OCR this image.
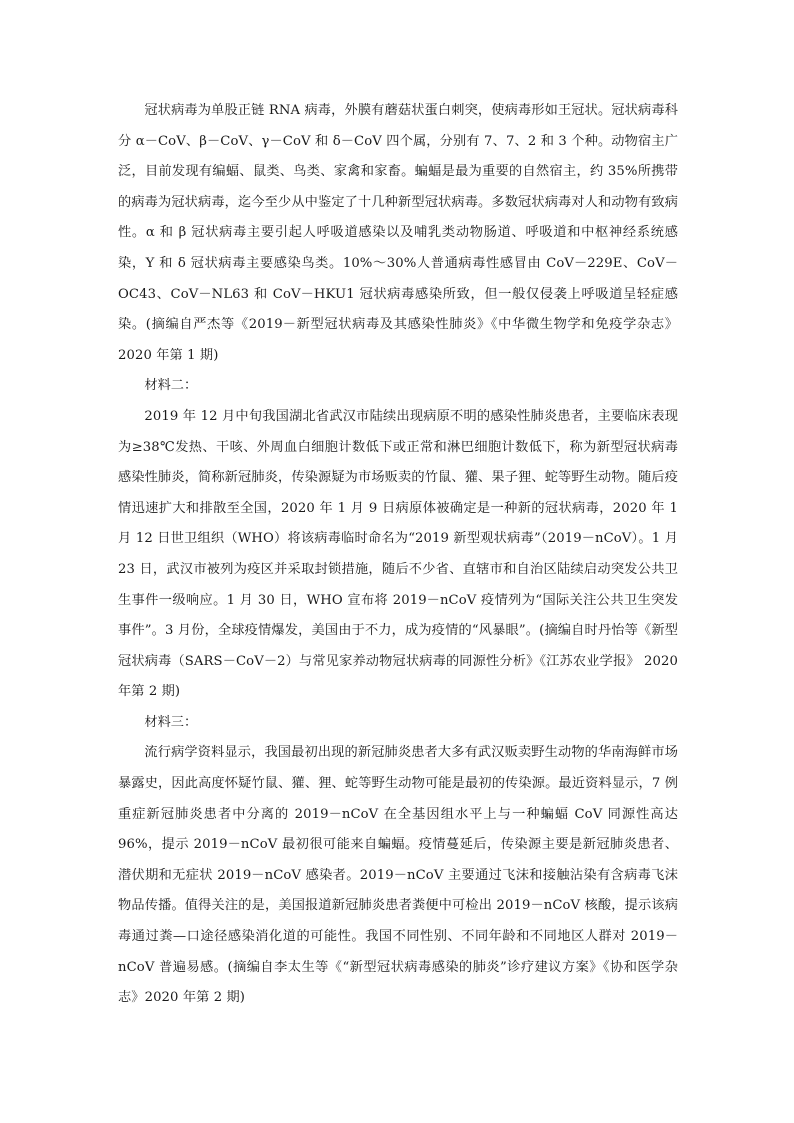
冠状病毒为单股正链 RNA 病毒，外膜有蘑菇状蛋白刺突，使病毒形如王冠状。冠状病毒科分 α－CoV、β－CoV、γ－CoV 和 δ－CoV 四个属，分别有 7、7、2 和 3 个种。动物宿主广泛，目前发现有编蝠、鼠类、鸟类、家禽和家畜。蝙蝠是最为重要的自然宿主，约 35%所携带的病毒为冠状病毒，迄今至少从中鉴定了十几种新型冠状病毒。多数冠状病毒对人和动物有致病性。α 和 β 冠状病毒主要引起人呼吸道感染以及哺乳类动物肠道、呼吸道和中枢神经系统感染，Y 和 δ 冠状病毒主要感染鸟类。10%～30%人普通病毒性感冒由 CoV－229E、CoV－OC43、CoV－NL63 和 CoV－HKU1 冠状病毒感染所致，但一般仅侵袭上呼吸道呈轻症感染。(摘编自严杰等《2019－新型冠状病毒及其感染性肺炎》《中华微生物学和免疫学杂志》 2020 年第 1 期)

材料二：

2019 年 12 月中旬我国湖北省武汉市陆续出现病原不明的感染性肺炎患者，主要临床表现为≥38℃发热、干咳、外周血白细胞计数低下或正常和淋巴细胞计数低下，称为新型冠状病毒感染性肺炎，简称新冠肺炎，传染源疑为市场贩卖的竹鼠、獾、果子狸、蛇等野生动物。随后疫情迅速扩大和排散至全国，2020 年 1 月 9 日病原体被确定是一种新的冠状病毒，2020 年 1 月 12 日世卫组织（WHO）将该病毒临时命名为“2019 新型观状病毒”（2019－nCoV）。1 月 23 日，武汉市被列为疫区并采取封锁措施，随后不少省、直辖市和自治区陆续启动突发公共卫生事件一级响应。1 月 30 日，WHO 宣布将 2019－nCoV 疫情列为“国际关注公共卫生突发事件”。3 月份，全球疫情爆发，美国由于不力，成为疫情的“风暴眼”。(摘编自时丹怡等《新型冠状病毒（SARS－CoV－2）与常见家养动物冠状病毒的同源性分析》《江苏农业学报》 2020 年第 2 期)

材料三：

流行病学资料显示，我国最初出现的新冠肺炎患者大多有武汉贩卖野生动物的华南海鲜市场暴露史，因此高度怀疑竹鼠、獾、狸、蛇等野生动物可能是最初的传染源。最近资料显示，7 例重症新冠肺炎患者中分离的 2019－nCoV 在全基因组水平上与一种蝙蝠 CoV 同源性高达 96%，提示 2019－nCoV 最初很可能来自蝙蝠。疫情蔓延后，传染源主要是新冠肺炎患者、潜伏期和无症状 2019－nCoV 感染者。2019－nCoV 主要通过飞沫和接触沾染有含病毒飞沫物品传播。值得关注的是，美国报道新冠肺炎患者粪便中可检出 2019－nCoV 核酸，提示该病毒通过粪—口途径感染消化道的可能性。我国不同性别、不同年龄和不同地区人群对 2019－nCoV 普遍易感。(摘编自李太生等《“新型冠状病毒感染的肺炎”诊疗建议方案》《协和医学杂志》2020 年第 2 期)
